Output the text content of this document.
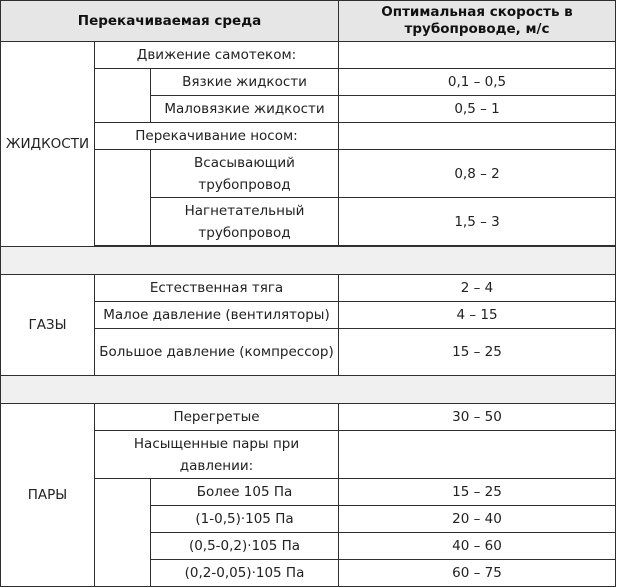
Перекачиваемая среда			Оптимальная скорость в трубопроводе, м/с
ЖИДКОСТИ	Движение самотеком:		
		Вязкие жидкости	0,1 – 0,5
		Маловязкие жидкости	0,5 – 1
	Перекачивание носом:		
		Всасывающий трубопровод	0,8 – 2
		Нагнетательный трубопровод	1,5 – 3

ГАЗЫ	Естественная тяга		2 – 4
	Малое давление (вентиляторы)		4 – 15
	Большое давление (компрессор)		15 – 25

ПАРЫ	Перегретые		30 – 50
	Насыщенные пары при давлении:		
		Более 105 Па	15 – 25
		(1-0,5)·105 Па	20 – 40
		(0,5-0,2)·105 Па	40 – 60
		(0,2-0,05)·105 Па	60 – 75
